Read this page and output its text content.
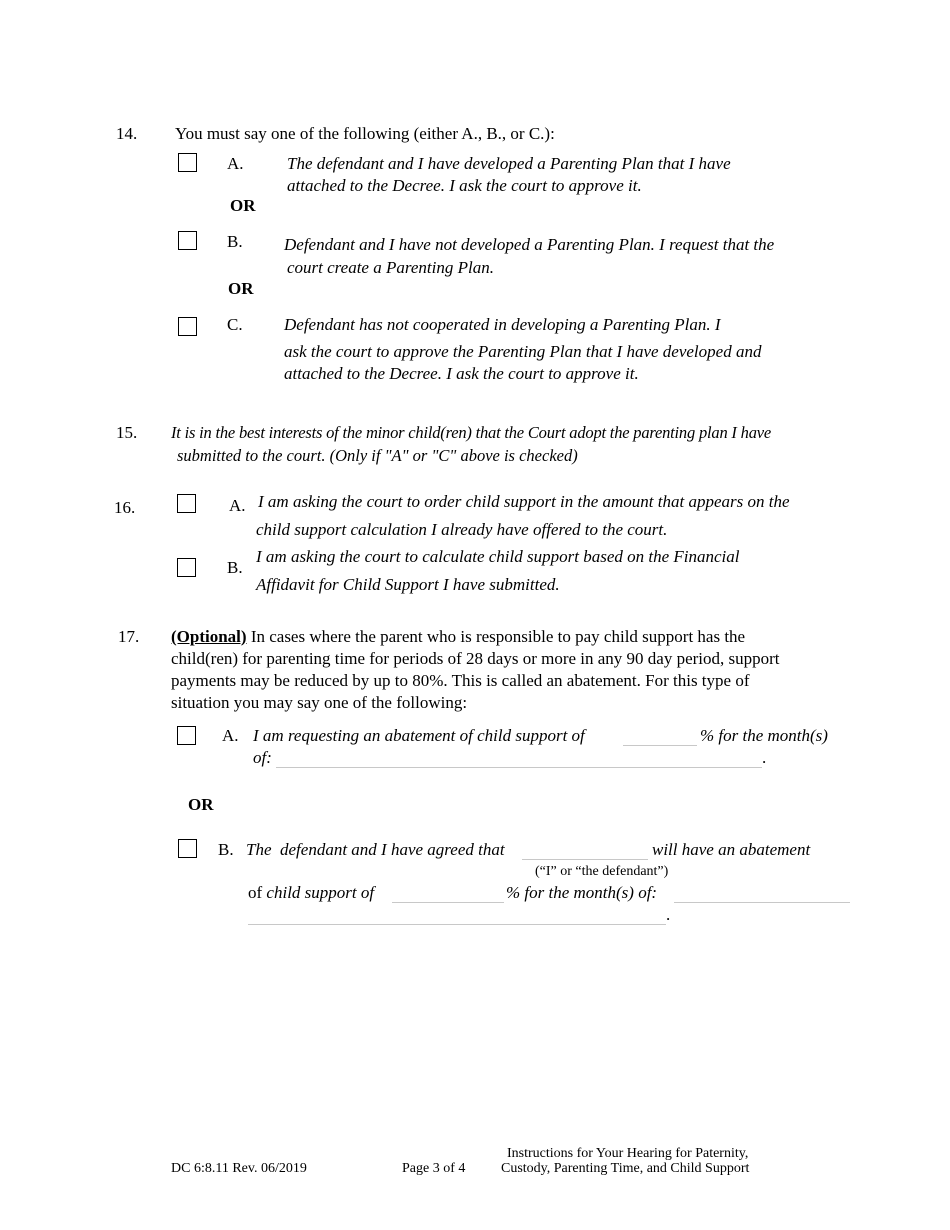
14. You must say one of the following (either A., B., or C.):
A.	The defendant and I have developed a Parenting Plan that I have
attached to the Decree. I ask the court to approve it.
OR
B. Defendant and I have not developed a Parenting Plan. I request that the
court create a Parenting Plan.
OR
C. Defendant has not cooperated in developing a Parenting Plan. I
ask the court to approve the Parenting Plan that I have developed and
attached to the Decree. I ask the court to approve it.
15. It is in the best interests of the minor child(ren) that the Court adopt the parenting plan I have
submitted to the court. (Only if "A" or "C" above is checked)
16.	A. I am asking the court to order child support in the amount that appears on the
child support calculation I already have offered to the court.
B.
I am asking the court to calculate child support based on the Financial
Affidavit for Child Support I have submitted.
17. (Optional) In cases where the parent who is responsible to pay child support has the
child(ren) for parenting time for periods of 28 days or more in any 90 day period, support
payments may be reduced by up to 80%. This is called an abatement. For this type of
situation you may say one of the following:
A. I am requesting an abatement of child support of	% for the month(s)
of:	.
OR
B. The  defendant and I have agreed that	will have an abatement
(“I” or “the defendant”)
of child support of	% for the month(s) of:
.
DC 6:8.11 Rev. 06/2019	Page 3 of 4
Instructions for Your Hearing for Paternity,
Custody, Parenting Time, and Child Support
